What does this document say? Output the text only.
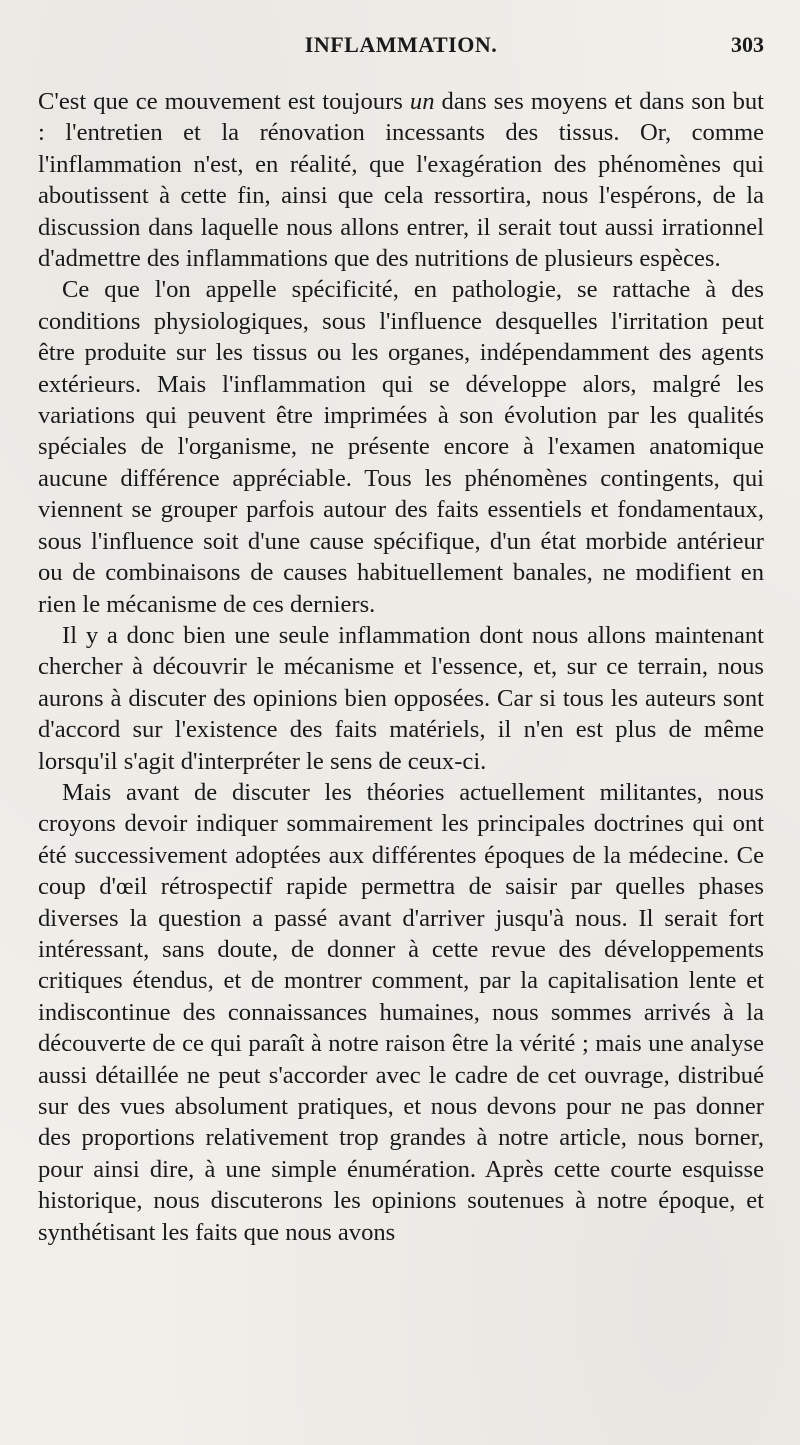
INFLAMMATION.	303

C'est que ce mouvement est toujours un dans ses moyens et dans son but : l'entretien et la rénovation incessants des tissus. Or, comme l'inflammation n'est, en réalité, que l'exagération des phénomènes qui aboutissent à cette fin, ainsi que cela ressortira, nous l'espérons, de la discussion dans laquelle nous allons entrer, il serait tout aussi irrationnel d'admettre des inflammations que des nutritions de plusieurs espèces.

Ce que l'on appelle spécificité, en pathologie, se rattache à des conditions physiologiques, sous l'influence desquelles l'irritation peut être produite sur les tissus ou les organes, indépendamment des agents extérieurs. Mais l'inflammation qui se développe alors, malgré les variations qui peuvent être imprimées à son évolution par les qualités spéciales de l'organisme, ne présente encore à l'examen anatomique aucune différence appréciable. Tous les phénomènes contingents, qui viennent se grouper parfois autour des faits essentiels et fondamentaux, sous l'influence soit d'une cause spécifique, d'un état morbide antérieur ou de combinaisons de causes habituellement banales, ne modifient en rien le mécanisme de ces derniers.

Il y a donc bien une seule inflammation dont nous allons maintenant chercher à découvrir le mécanisme et l'essence, et, sur ce terrain, nous aurons à discuter des opinions bien opposées. Car si tous les auteurs sont d'accord sur l'existence des faits matériels, il n'en est plus de même lorsqu'il s'agit d'interpréter le sens de ceux-ci.

Mais avant de discuter les théories actuellement militantes, nous croyons devoir indiquer sommairement les principales doctrines qui ont été successivement adoptées aux différentes époques de la médecine. Ce coup d'œil rétrospectif rapide permettra de saisir par quelles phases diverses la question a passé avant d'arriver jusqu'à nous. Il serait fort intéressant, sans doute, de donner à cette revue des développements critiques étendus, et de montrer comment, par la capitalisation lente et indiscontinue des connaissances humaines, nous sommes arrivés à la découverte de ce qui paraît à notre raison être la vérité ; mais une analyse aussi détaillée ne peut s'accorder avec le cadre de cet ouvrage, distribué sur des vues absolument pratiques, et nous devons pour ne pas donner des proportions relativement trop grandes à notre article, nous borner, pour ainsi dire, à une simple énumération. Après cette courte esquisse historique, nous discuterons les opinions soutenues à notre époque, et synthétisant les faits que nous avons
